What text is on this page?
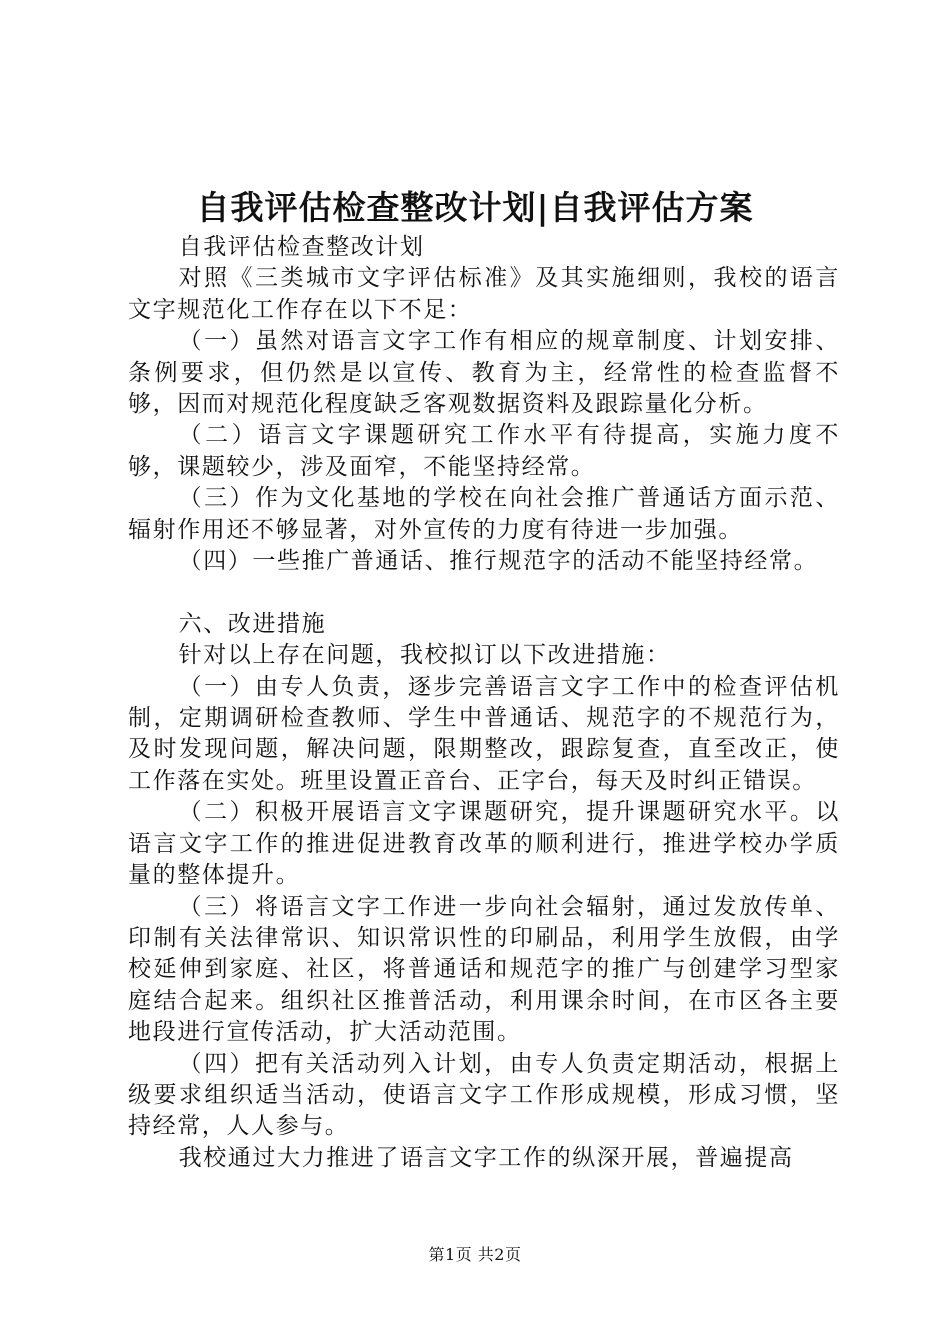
自我评估检查整改计划|自我评估方案

自我评估检查整改计划

对照《三类城市文字评估标准》及其实施细则，我校的语言文字规范化工作存在以下不足：

（一）虽然对语言文字工作有相应的规章制度、计划安排、条例要求，但仍然是以宣传、教育为主，经常性的检查监督不够，因而对规范化程度缺乏客观数据资料及跟踪量化分析。

（二）语言文字课题研究工作水平有待提高，实施力度不够，课题较少，涉及面窄，不能坚持经常。

（三）作为文化基地的学校在向社会推广普通话方面示范、辐射作用还不够显著，对外宣传的力度有待进一步加强。

（四）一些推广普通话、推行规范字的活动不能坚持经常。

六、改进措施

针对以上存在问题，我校拟订以下改进措施：

（一）由专人负责，逐步完善语言文字工作中的检查评估机制，定期调研检查教师、学生中普通话、规范字的不规范行为，及时发现问题，解决问题，限期整改，跟踪复查，直至改正，使工作落在实处。班里设置正音台、正字台，每天及时纠正错误。

（二）积极开展语言文字课题研究，提升课题研究水平。以语言文字工作的推进促进教育改革的顺利进行，推进学校办学质量的整体提升。

（三）将语言文字工作进一步向社会辐射，通过发放传单、印制有关法律常识、知识常识性的印刷品，利用学生放假，由学校延伸到家庭、社区，将普通话和规范字的推广与创建学习型家庭结合起来。组织社区推普活动，利用课余时间，在市区各主要地段进行宣传活动，扩大活动范围。

（四）把有关活动列入计划，由专人负责定期活动，根据上级要求组织适当活动，使语言文字工作形成规模，形成习惯，坚持经常，人人参与。

我校通过大力推进了语言文字工作的纵深开展，普遍提高

第1页 共2页
